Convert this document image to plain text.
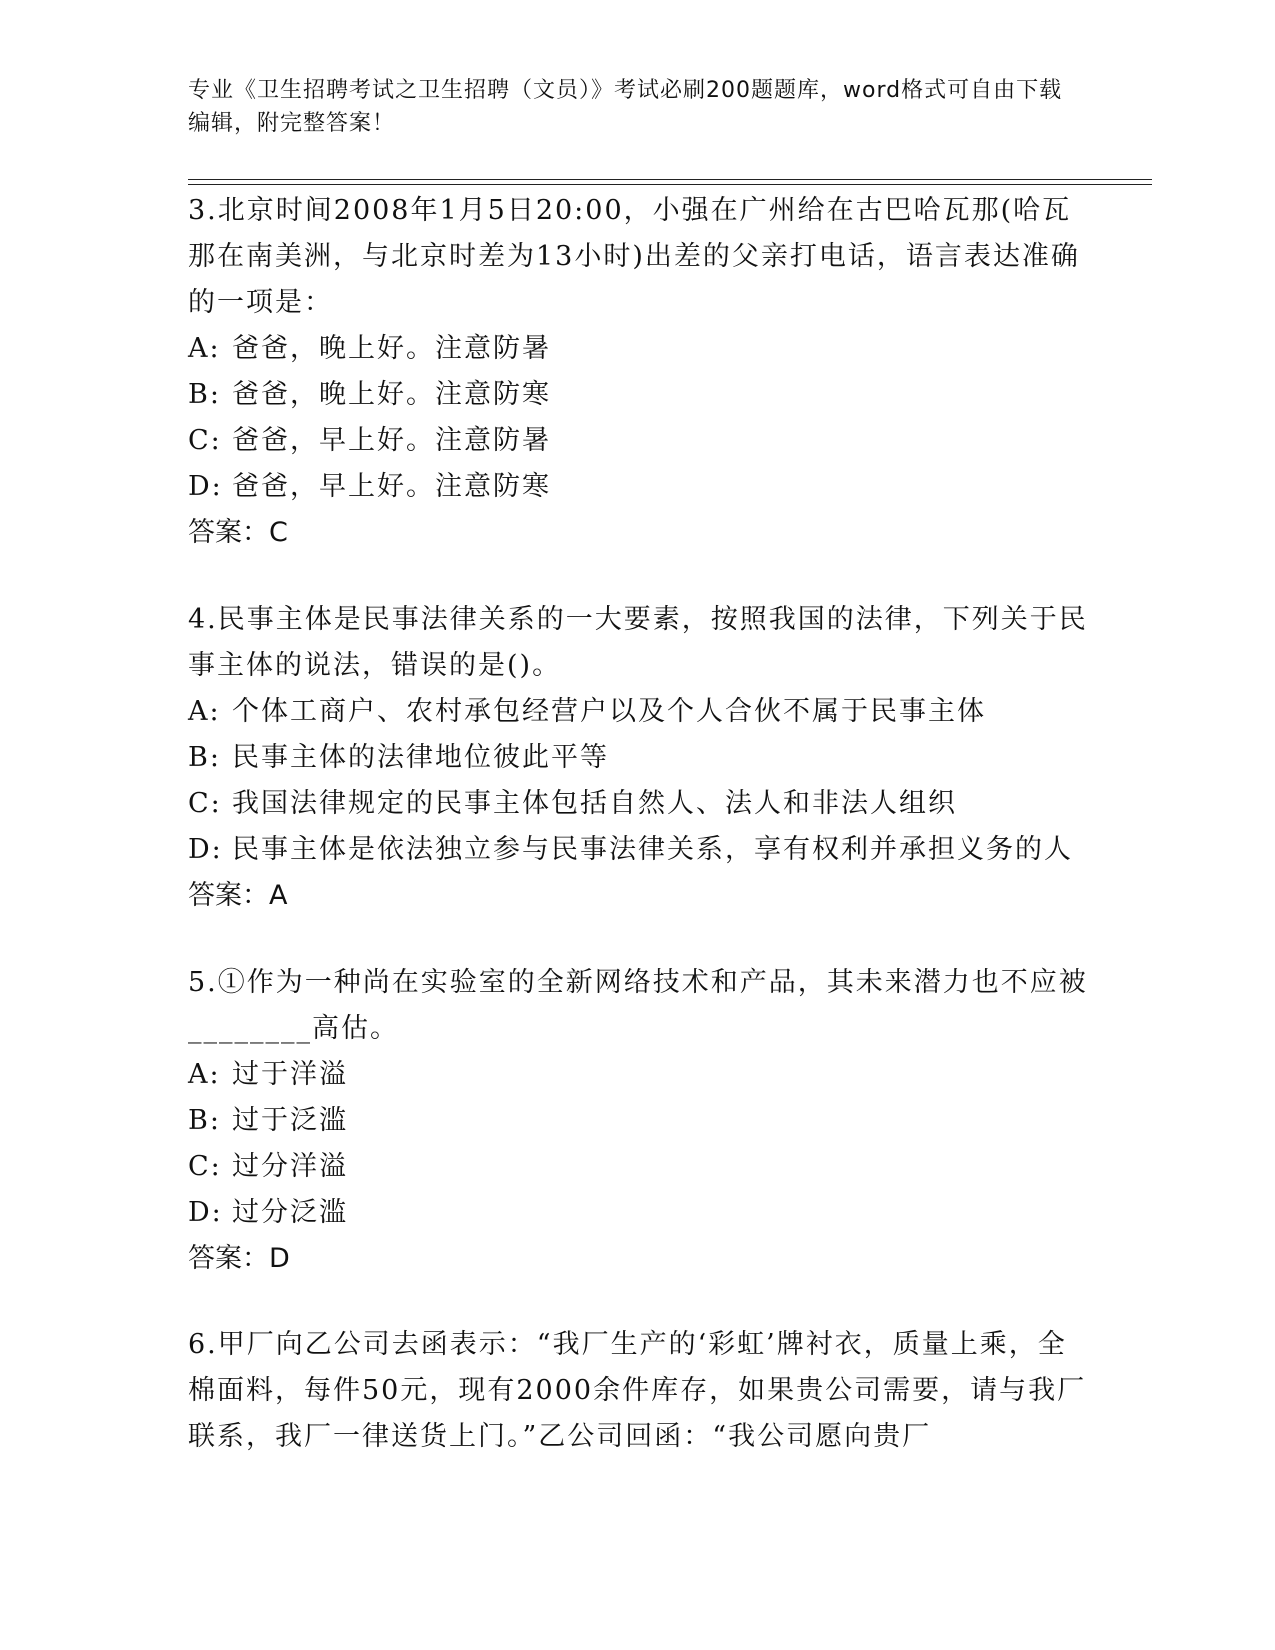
专业《卫生招聘考试之卫生招聘（文员）》考试必刷200题题库，word格式可自由下载编辑，附完整答案！

3.北京时间2008年1月5日20:00，小强在广州给在古巴哈瓦那(哈瓦那在南美洲，与北京时差为13小时)出差的父亲打电话，语言表达准确的一项是：

A: 爸爸，晚上好。注意防暑

B: 爸爸，晚上好。注意防寒

C: 爸爸，早上好。注意防暑

D: 爸爸，早上好。注意防寒

答案：C

4.民事主体是民事法律关系的一大要素，按照我国的法律，下列关于民事主体的说法，错误的是()。

A: 个体工商户、农村承包经营户以及个人合伙不属于民事主体

B: 民事主体的法律地位彼此平等

C: 我国法律规定的民事主体包括自然人、法人和非法人组织

D: 民事主体是依法独立参与民事法律关系，享有权利并承担义务的人

答案：A

5.①作为一种尚在实验室的全新网络技术和产品，其未来潜力也不应被________高估。

A: 过于洋溢

B: 过于泛滥

C: 过分洋溢

D: 过分泛滥

答案：D

6.甲厂向乙公司去函表示：“我厂生产的‘彩虹’牌衬衣，质量上乘，全棉面料，每件50元，现有2000余件库存，如果贵公司需要，请与我厂联系，我厂一律送货上门。”乙公司回函：“我公司愿向贵厂
